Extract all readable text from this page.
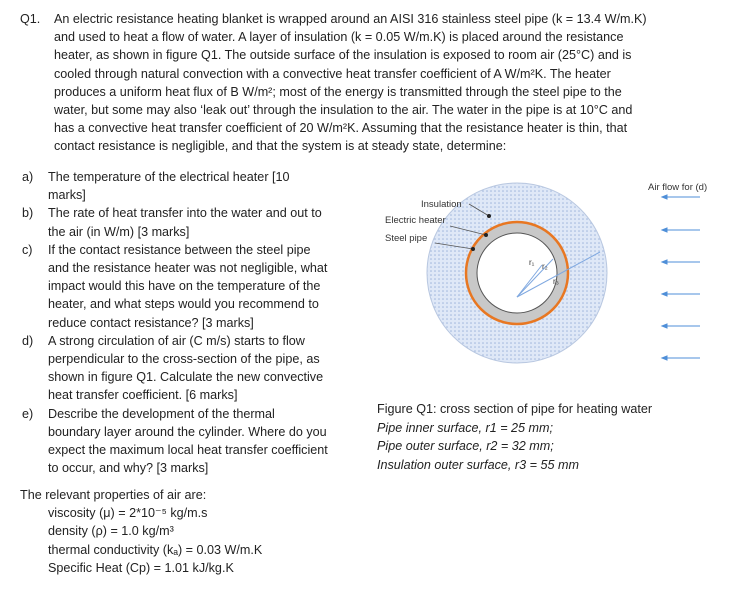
Q1. An electric resistance heating blanket is wrapped around an AISI 316 stainless steel pipe (k = 13.4 W/m.K)
and used to heat a flow of water. A layer of insulation (k = 0.05 W/m.K) is placed around the resistance
heater, as shown in figure Q1. The outside surface of the insulation is exposed to room air (25°C) and is
cooled through natural convection with a convective heat transfer coefficient of A W/m²K. The heater
produces a uniform heat flux of B W/m²; most of the energy is transmitted through the steel pipe to the
water, but some may also ‘leak out’ through the insulation to the air. The water in the pipe is at 10°C and
has a convective heat transfer coefficient of 20 W/m²K. Assuming that the resistance heater is thin, that
contact resistance is negligible, and that the system is at steady state, determine:
a) The temperature of the electrical heater [10
marks]
b) The rate of heat transfer into the water and out to
the air (in W/m) [3 marks]
c) If the contact resistance between the steel pipe
and the resistance heater was not negligible, what
impact would this have on the temperature of the
heater, and what steps would you recommend to
reduce contact resistance? [3 marks]
d) A strong circulation of air (C m/s) starts to flow
perpendicular to the cross-section of the pipe, as
shown in figure Q1. Calculate the new convective
heat transfer coefficient. [6 marks]
e) Describe the development of the thermal
boundary layer around the cylinder. Where do you
expect the maximum local heat transfer coefficient
to occur, and why? [3 marks]
The relevant properties of air are:
viscosity (μ) = 2*10⁻⁵ kg/m.s
density (ρ) = 1.0 kg/m³
thermal conductivity (kₐ) = 0.03 W/m.K
Specific Heat (Cp) = 1.01 kJ/kg.K
r₁ r₂
r₃
Insulation
Electric heater
Steel pipe
Air flow for (d)
Figure Q1: cross section of pipe for heating water
Pipe inner surface, r1 = 25 mm;
Pipe outer surface, r2 = 32 mm;
Insulation outer surface, r3 = 55 mm
